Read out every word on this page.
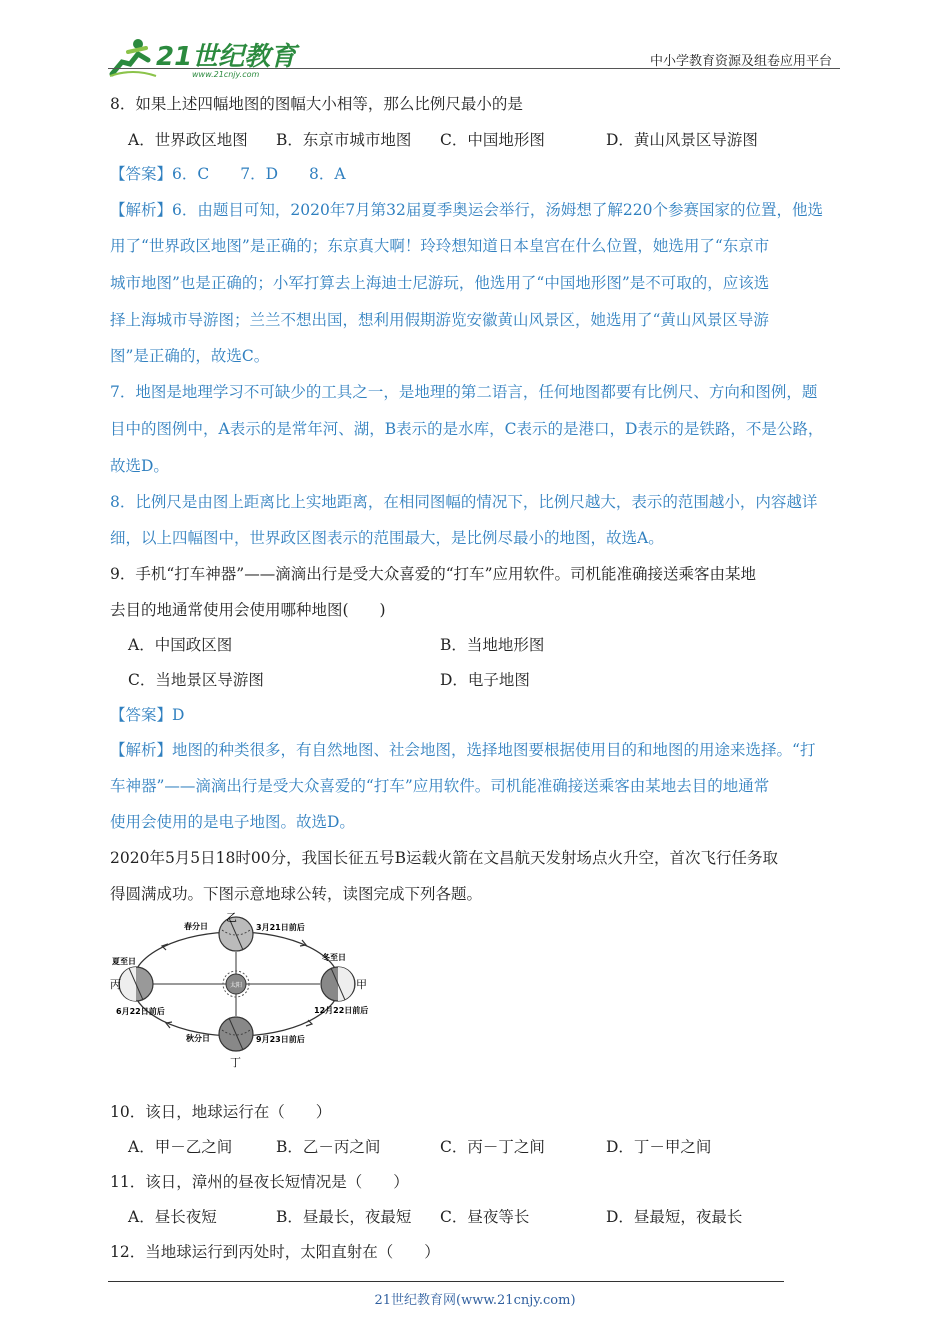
21世纪教育
www.21cnjy.com
中小学教育资源及组卷应用平台
8．如果上述四幅地图的图幅大小相等，那么比例尺最小的是
A．世界政区地图 B．东京市城市地图 C．中国地形图	D．黄山风景区导游图
【答案】6．C　　7．D　　8．A
【解析】6．由题目可知，2020年7月第32届夏季奥运会举行，汤姆想了解220个参赛国家的位置，他选
用了“世界政区地图”是正确的；东京真大啊！玲玲想知道日本皇宫在什么位置，她选用了“东京市
城市地图”也是正确的；小军打算去上海迪士尼游玩，他选用了“中国地形图”是不可取的，应该选
择上海城市导游图；兰兰不想出国，想利用假期游览安徽黄山风景区，她选用了“黄山风景区导游
图”是正确的，故选C。
7．地图是地理学习不可缺少的工具之一，是地理的第二语言，任何地图都要有比例尺、方向和图例，题
目中的图例中，A表示的是常年河、湖，B表示的是水库，C表示的是港口，D表示的是铁路，不是公路，
故选D。
8．比例尺是由图上距离比上实地距离，在相同图幅的情况下，比例尺越大，表示的范围越小，内容越详
细，以上四幅图中，世界政区图表示的范围最大，是比例尽最小的地图，故选A。
9．手机“打车神器”——滴滴出行是受大众喜爱的“打车”应用软件。司机能准确接送乘客由某地
去目的地通常使用会使用哪种地图(　　)
A．中国政区图	B．当地地形图
C．当地景区导游图	D．电子地图
【答案】D
【解析】地图的种类很多，有自然地图、社会地图，选择地图要根据使用目的和地图的用途来选择。“打
车神器”——滴滴出行是受大众喜爱的“打车”应用软件。司机能准确接送乘客由某地去目的地通常
使用会使用的是电子地图。故选D。
2020年5月5日18时00分，我国长征五号B运载火箭在文昌航天发射场点火升空，首次飞行任务取
得圆满成功。下图示意地球公转，读图完成下列各题。
太阳
乙
春分日	3月21日前后
夏至日
丙
6月22日前后
冬至日
甲
12月22日前后
秋分日	9月23日前后
丁
10．该日，地球运行在（　　）
A．甲－乙之间	B．乙－丙之间	C．丙－丁之间	D．丁－甲之间
11．该日，漳州的昼夜长短情况是（　　）
A．昼长夜短	B．昼最长，夜最短 C．昼夜等长	D．昼最短，夜最长
12．当地球运行到丙处时，太阳直射在（　　）
21世纪教育网(www.21cnjy.com)
